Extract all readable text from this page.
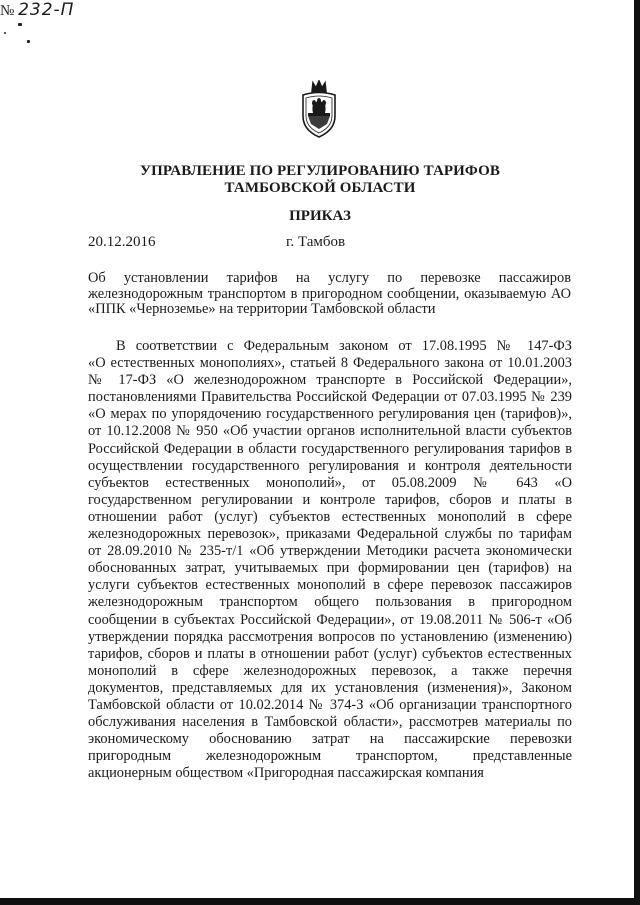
УПРАВЛЕНИЕ ПО РЕГУЛИРОВАНИЮ ТАРИФОВ
ТАМБОВСКОЙ ОБЛАСТИ
ПРИКАЗ
20.12.2016	г. Тамбов
№ 232-П
Об установлении тарифов на услугу по перевозке пассажиров железнодорожным транспортом в пригородном сообщении, оказываемую АО «ППК «Черноземье» на территории Тамбовской области
В соответствии с Федеральным законом от 17.08.1995 № 147-ФЗ
«О естественных монополиях», статьей 8 Федерального закона от 10.01.2003
№ 17-ФЗ «О железнодорожном транспорте в Российской Федерации»,
постановлениями Правительства Российской Федерации от 07.03.1995 № 239
«О мерах по упорядочению государственного регулирования цен (тарифов)»,
от 10.12.2008 № 950 «Об участии органов исполнительной власти субъектов
Российской Федерации в области государственного регулирования тарифов в
осуществлении государственного регулирования и контроля деятельности
субъектов естественных монополий», от 05.08.2009 № 643 «О
государственном регулировании и контроле тарифов, сборов и платы в
отношении работ (услуг) субъектов естественных монополий в сфере
железнодорожных перевозок», приказами Федеральной службы по тарифам
от 28.09.2010 № 235-т/1 «Об утверждении Методики расчета экономически
обоснованных затрат, учитываемых при формировании цен (тарифов) на
услуги субъектов естественных монополий в сфере перевозок пассажиров
железнодорожным транспортом общего пользования в пригородном
сообщении в субъектах Российской Федерации», от 19.08.2011 № 506-т «Об
утверждении порядка рассмотрения вопросов по установлению (изменению)
тарифов, сборов и платы в отношении работ (услуг) субъектов естественных
монополий в сфере железнодорожных перевозок, а также перечня
документов, представляемых для их установления (изменения)», Законом
Тамбовской области от 10.02.2014 № 374-З «Об организации транспортного
обслуживания населения в Тамбовской области», рассмотрев материалы по
экономическому обоснованию затрат на пассажирские перевозки
пригородным железнодорожным транспортом, представленные
акционерным обществом «Пригородная пассажирская компания
